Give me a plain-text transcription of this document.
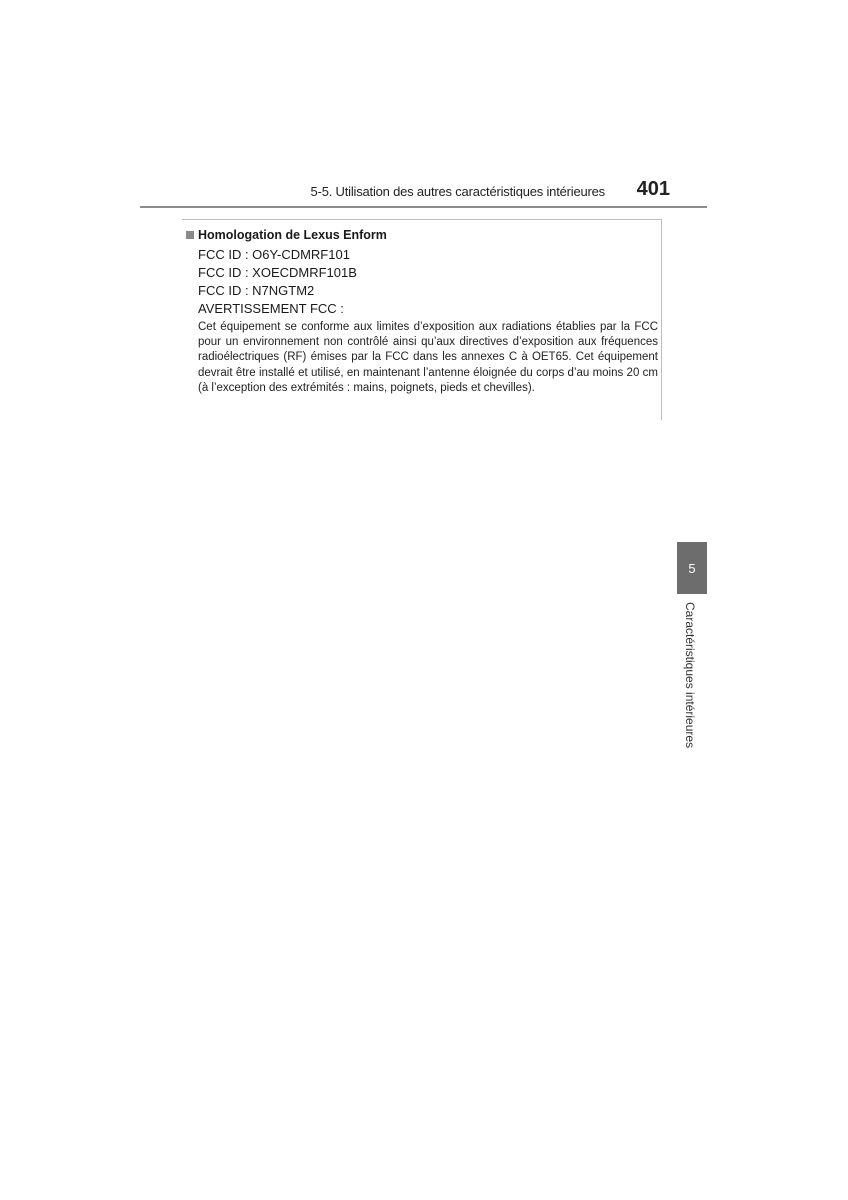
5-5. Utilisation des autres caractéristiques intérieures 401
Homologation de Lexus Enform
FCC ID : O6Y-CDMRF101
FCC ID : XOECDMRF101B
FCC ID : N7NGTM2
AVERTISSEMENT FCC :
Cet équipement se conforme aux limites d’exposition aux radiations établies par la FCC pour un environnement non contrôlé ainsi qu’aux directives d’exposition aux fréquences radioélectriques (RF) émises par la FCC dans les annexes C à OET65. Cet équipement devrait être installé et utilisé, en maintenant l’antenne éloignée du corps d’au moins 20 cm (à l’exception des extrémités : mains, poignets, pieds et chevilles).
5
Caractéristiques intérieures
